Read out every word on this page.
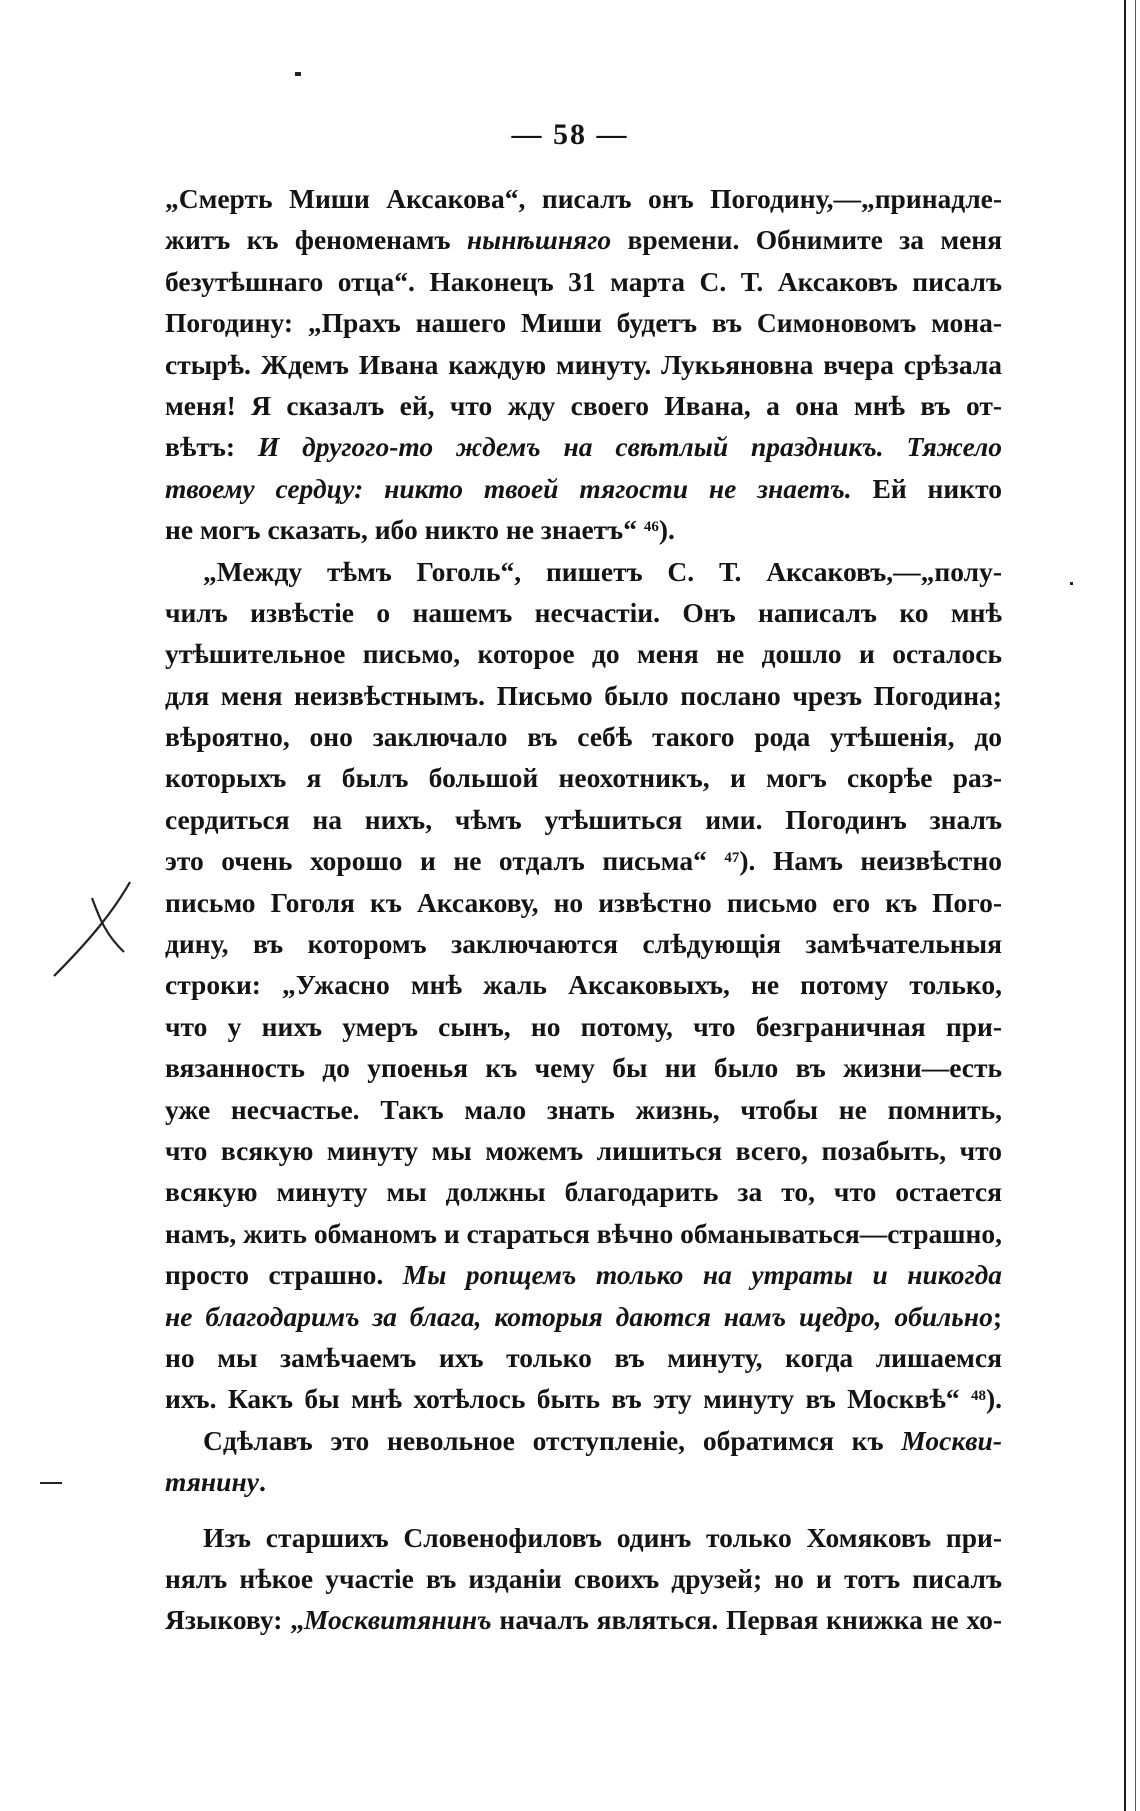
— 58 —
„Смерть Миши Аксакова“, писалъ онъ Погодину,—„принадле-
житъ къ феноменамъ нынѣшняго времени. Обнимите за меня
безутѣшнаго отца“. Наконецъ 31 марта С. Т. Аксаковъ писалъ
Погодину: „Прахъ нашего Миши будетъ въ Симоновомъ мона-
стырѣ. Ждемъ Ивана каждую минуту. Лукьяновна вчера срѣзала
меня! Я сказалъ ей, что жду своего Ивана, а она мнѣ въ от-
вѣтъ: И другого-то ждемъ на свѣтлый праздникъ. Тяжело
твоему сердцу: никто твоей тягости не знаетъ. Ей никто
не могъ сказать, ибо никто не знаетъ“ $^{46}$).
„Между тѣмъ Гоголь“, пишетъ С. Т. Аксаковъ,—„полу-
чилъ извѣстіе о нашемъ несчастіи. Онъ написалъ ко мнѣ
утѣшительное письмо, которое до меня не дошло и осталось
для меня неизвѣстнымъ. Письмо было послано чрезъ Погодина;
вѣроятно, оно заключало въ себѣ такого рода утѣшенія, до
которыхъ я былъ большой неохотникъ, и могъ скорѣе раз-
сердиться на нихъ, чѣмъ утѣшиться ими. Погодинъ зналъ
это очень хорошо и не отдалъ письма“ $^{47}$). Намъ неизвѣстно
письмо Гоголя къ Аксакову, но извѣстно письмо его къ Пого-
дину, въ которомъ заключаются слѣдующія замѣчательныя
строки: „Ужасно мнѣ жаль Аксаковыхъ, не потому только,
что у нихъ умеръ сынъ, но потому, что безграничная при-
вязанность до упоенья къ чему бы ни было въ жизни—есть
уже несчастье. Такъ мало знать жизнь, чтобы не помнить,
что всякую минуту мы можемъ лишиться всего, позабыть, что
всякую минуту мы должны благодарить за то, что остается
намъ, жить обманомъ и стараться вѣчно обманываться—страшно,
просто страшно. Мы ропщемъ только на утраты и никогда
не благодаримъ за блага, которыя даются намъ щедро, обильно;
но мы замѣчаемъ ихъ только въ минуту, когда лишаемся
ихъ. Какъ бы мнѣ хотѣлось быть въ эту минуту въ Москвѣ“ $^{48}$).
Сдѣлавъ это невольное отступленіе, обратимся къ Москви-
тянину.
Изъ старшихъ Словенофиловъ одинъ только Хомяковъ при-
нялъ нѣкое участіе въ изданіи своихъ друзей; но и тотъ писалъ
Языкову: „Москвитянинъ началъ являться. Первая книжка не хо-
